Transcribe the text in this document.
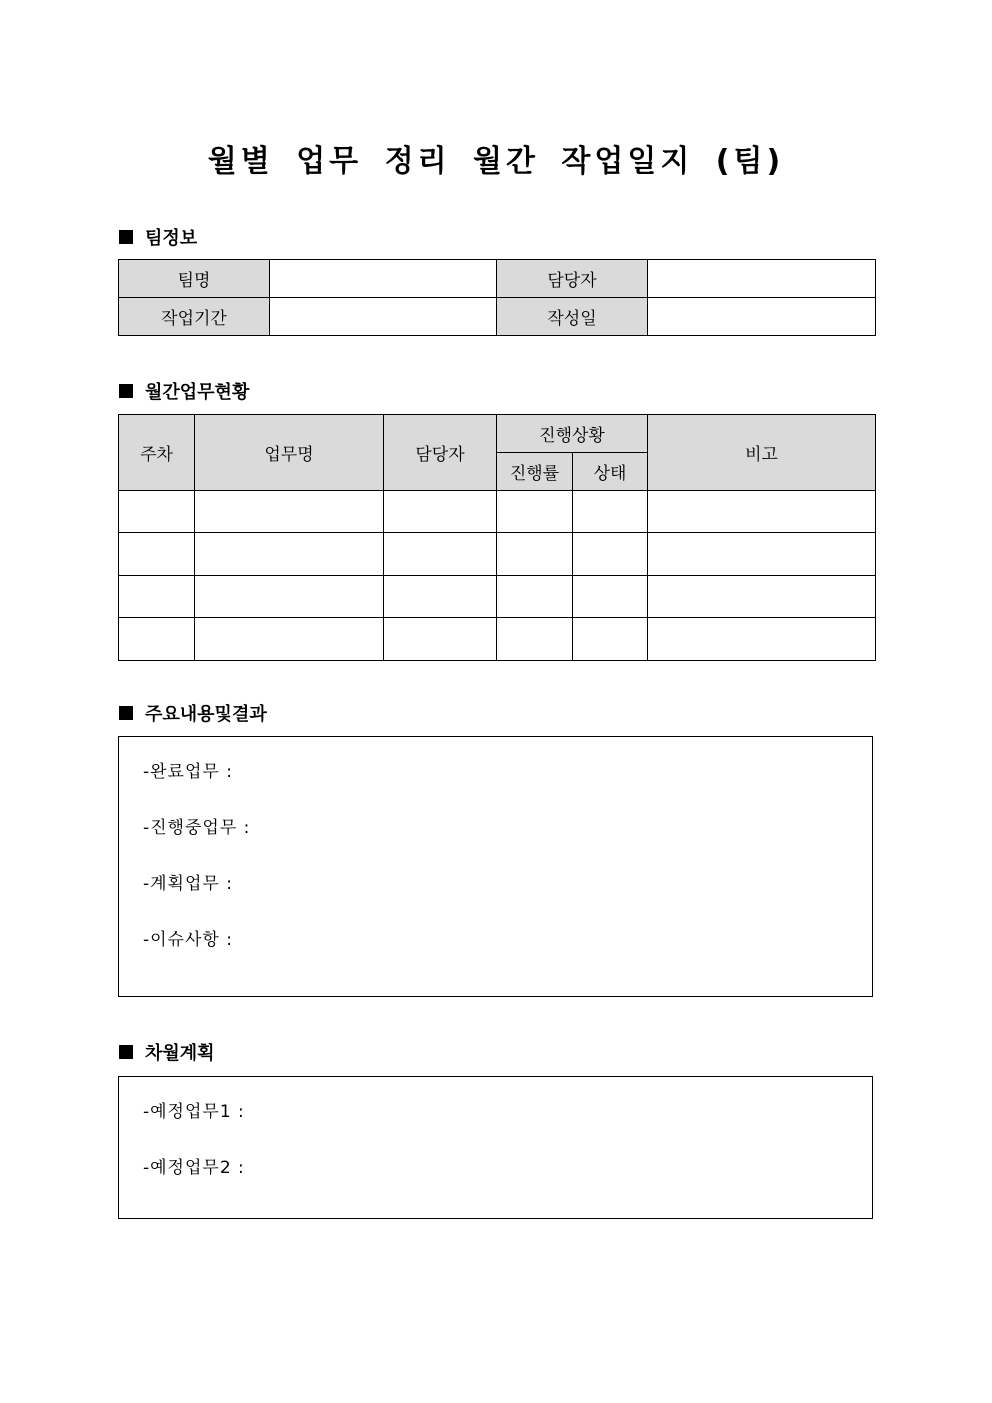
월별 업무 정리 월간 작업일지 (팀)
팀정보
팀명		담당자	
작업기간		작성일	
월간업무현황
주차	업무명	담당자	진행상황		비고
			진행률	상태	

주요내용및결과

-완료업무 :

-진행중업무 :

-계획업무 :

-이슈사항 :

차월계획

-예정업무1 :

-예정업무2 :
